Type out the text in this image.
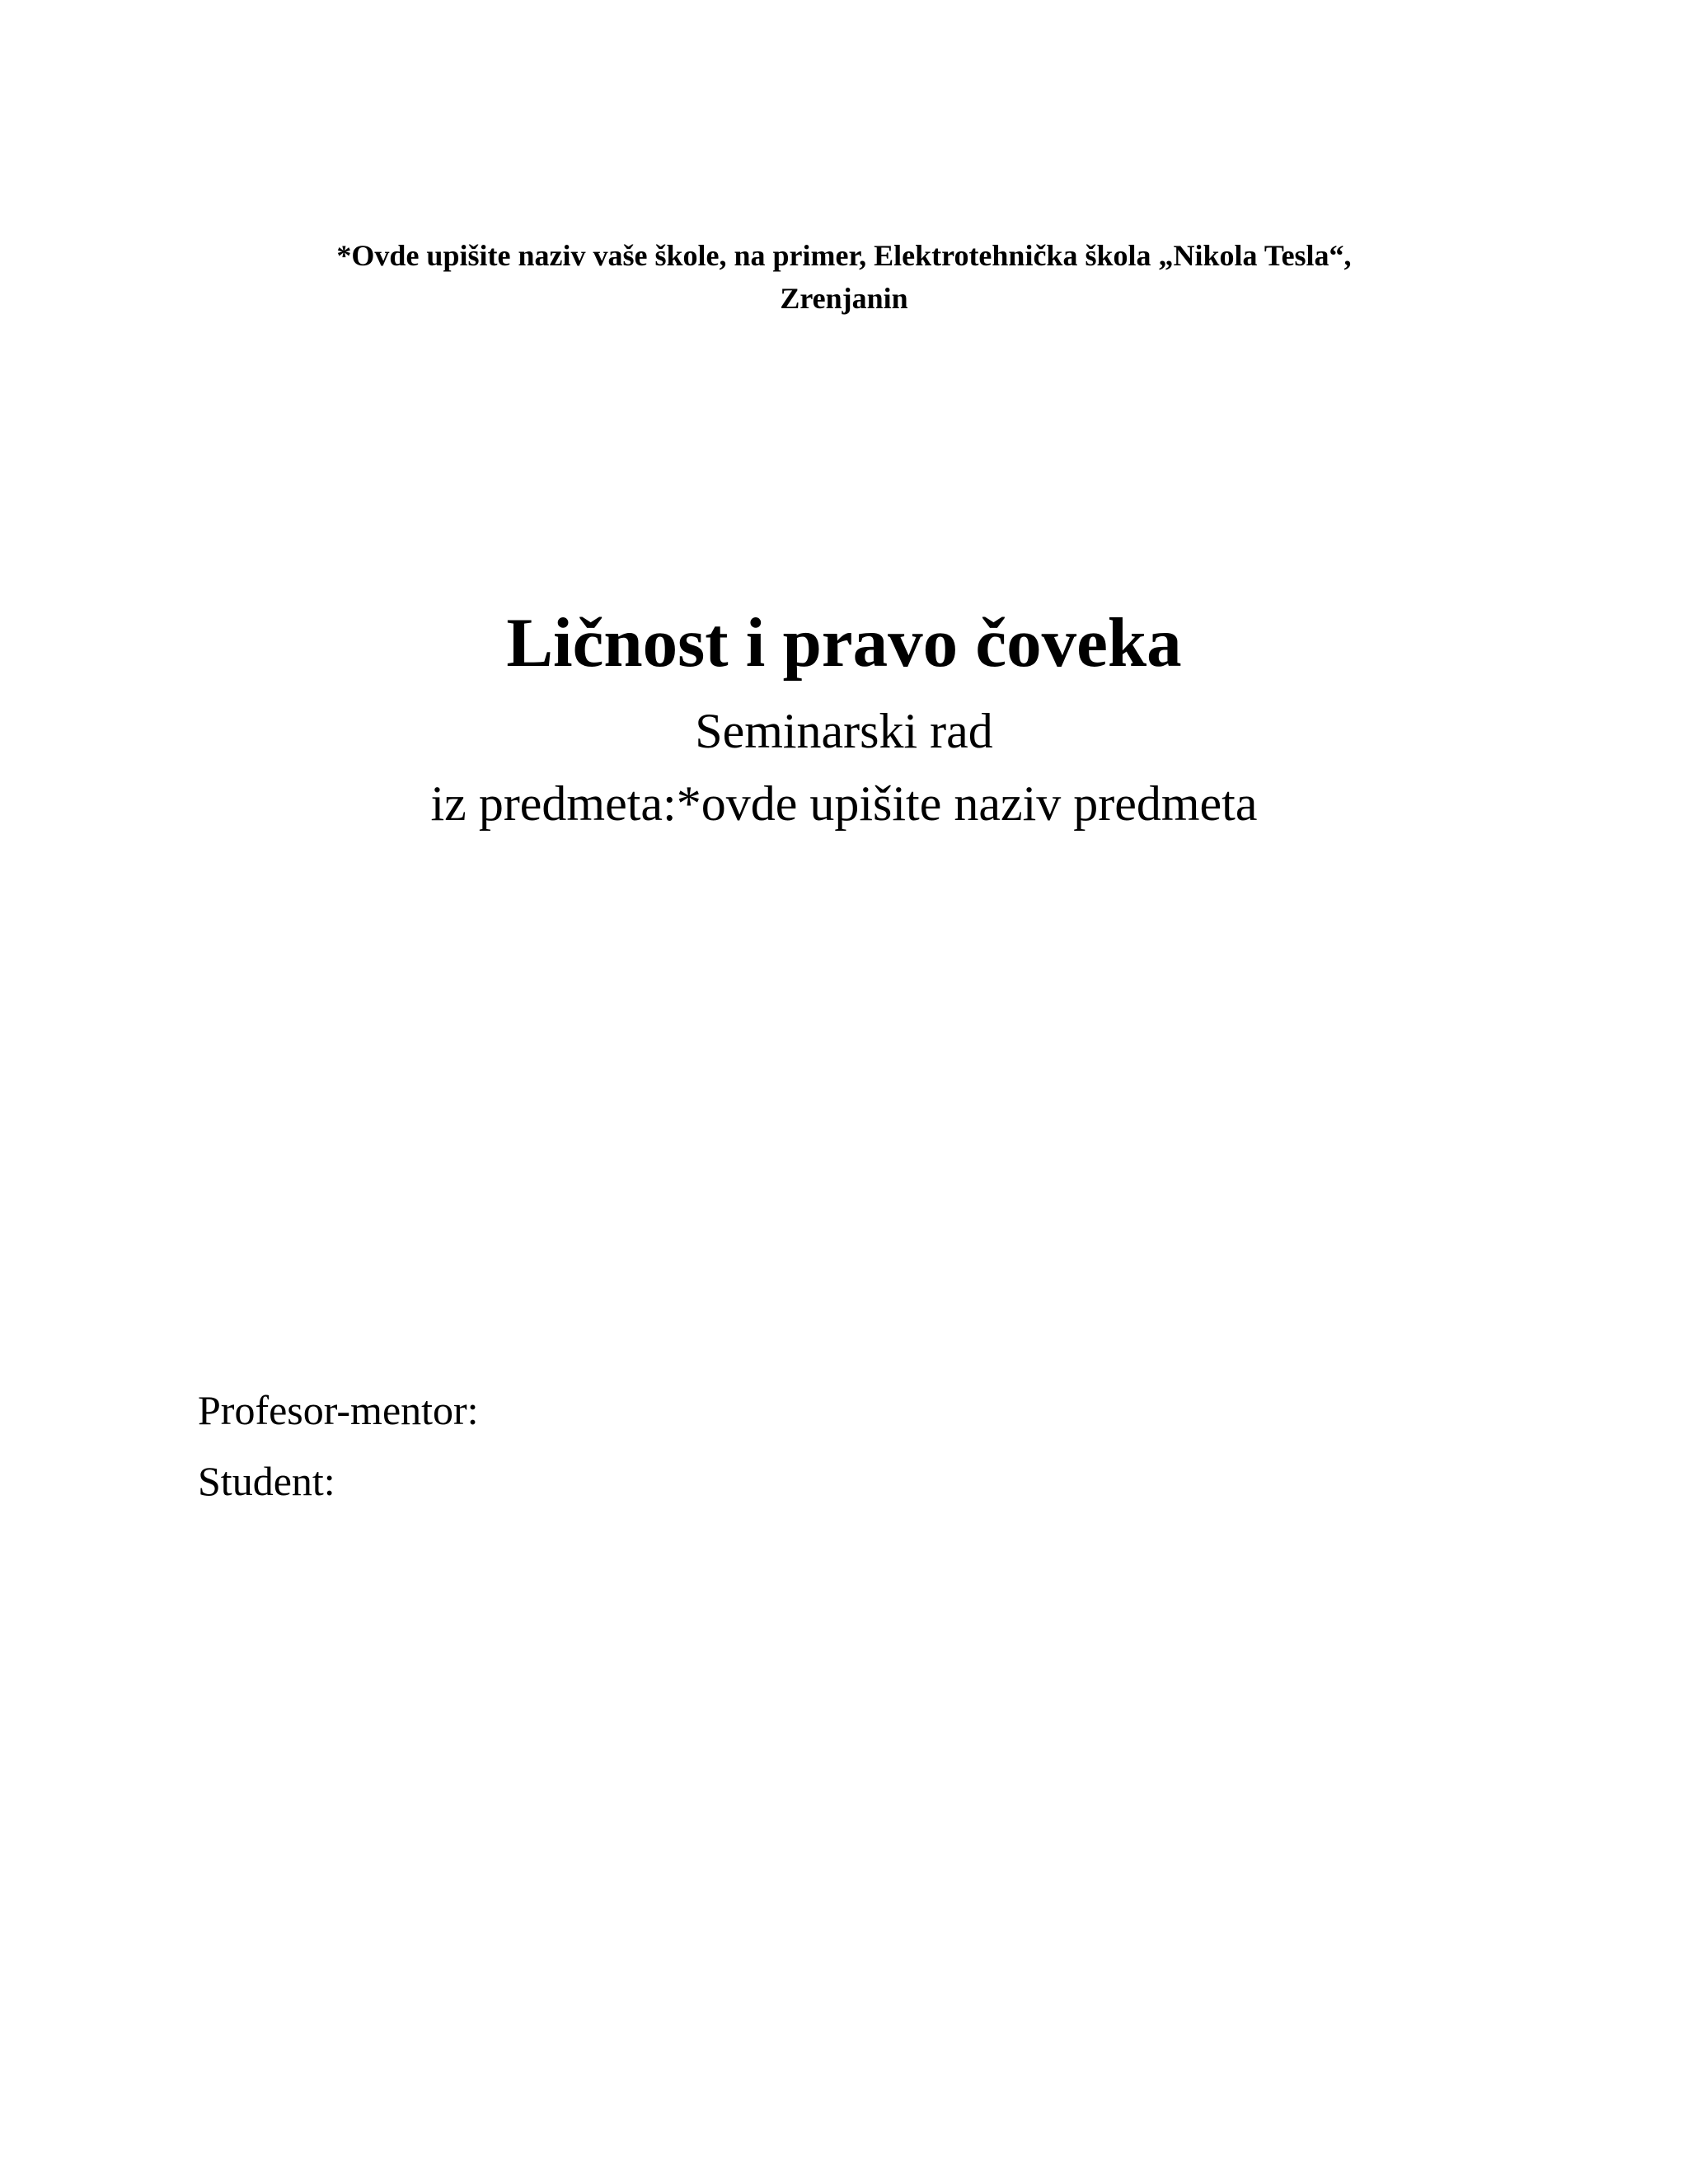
*Ovde upišite naziv vaše škole, na primer, Elektrotehnička škola „Nikola Tesla“,
Zrenjanin
Ličnost i pravo čoveka
Seminarski rad
iz predmeta:*ovde upišite naziv predmeta
Profesor-mentor:
Student:
